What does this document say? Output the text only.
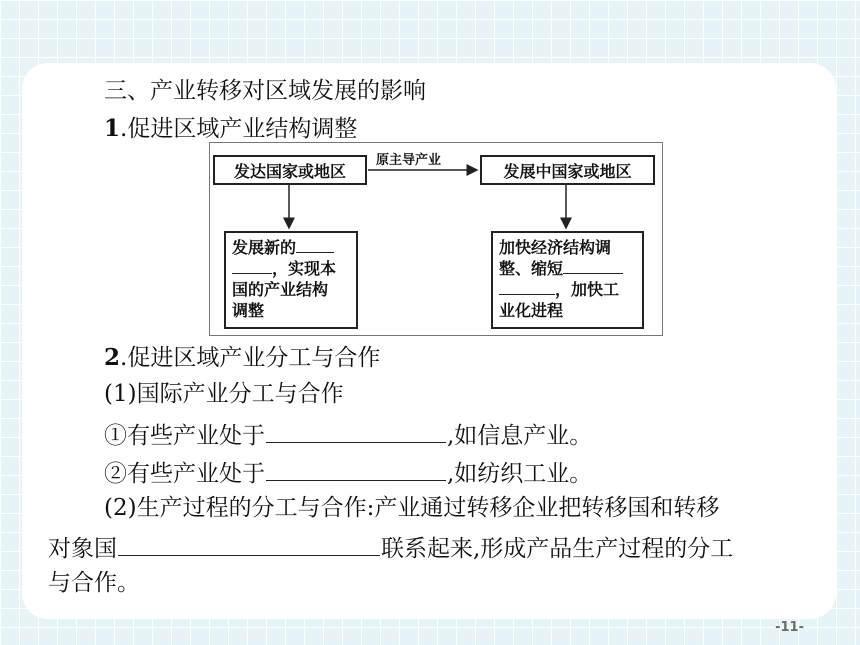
三、产业转移对区域发展的影响
1.促进区域产业结构调整
原主导产业
发达国家或地区	发展中国家或地区
发展新的
，实现本
国的产业结构
调整
加快经济结构调
整、缩短
，加快工
业化进程
2.促进区域产业分工与合作
(1)国际产业分工与合作
①有些产业处于	,如信息产业。
②有些产业处于	,如纺织工业。
(2)生产过程的分工与合作:产业通过转移企业把转移国和转移
对象国	联系起来,形成产品生产过程的分工
与合作。
-11-
